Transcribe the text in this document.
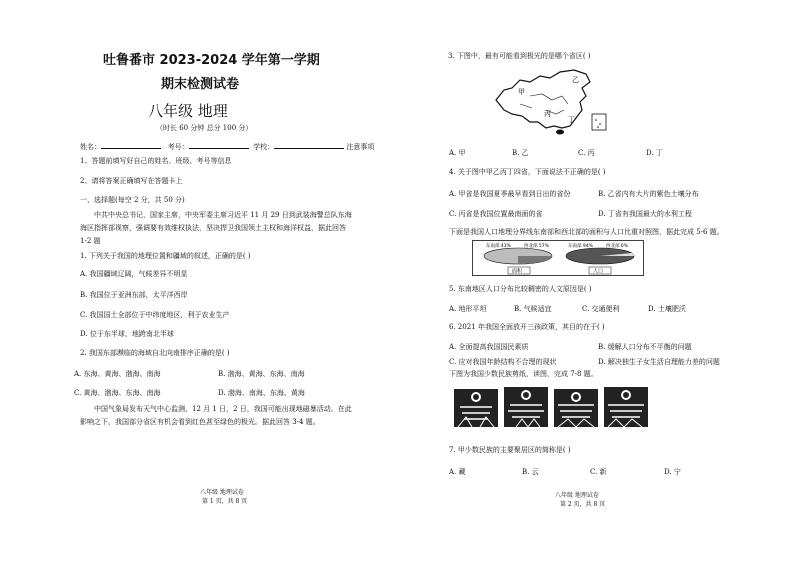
吐鲁番市 2023-2024 学年第一学期
期末检测试卷
八年级 地理
（时长 60 分钟 总分 100 分）
姓名：	考号：	学校：	注意事项
1、答题前填写好自己的姓名、班级、考号等信息
2、请将答案正确填写在答题卡上
一、选择题(每空 2 分，共 50 分)
中共中央总书记，国家主席，中央军委主席习近平 11 月 29 日到武装海警总队东海
海区指挥部视察，强调要有效维权执法，坚决捍卫我国领土主权和海洋权益，据此回答
1-2 题
1. 下列关于我国的地理位置和疆域的叙述，正确的是( )
A. 我国疆域辽阔，气候差异不明显
B. 我国位于亚洲东部，太平洋西岸
C. 我国国土全部位于中纬度地区，利于农业生产
D. 位于东半球，地跨南北半球
2. 我国东部濒临的海域自北向南排序正确的是( )
A. 东海、黄海、渤海、南海	B. 渤海、黄海、东海、南海
C. 黄海、渤海、东海、南海	D. 渤海、南海、东海、黄海
中国气象局发布天气中心监测，12 月 1 日，2 日，我国可能出现地磁暴活动。在此
影响之下，我国部分省区有机会看到红色甚至绿色的极光。据此回答 3-4 题。
八年级 地理试卷
第 1 页，共 8 页
3. 下图中，最有可能看到极光的是哪个省区( )
甲
乙
丙
丁
A. 甲	B. 乙	C. 丙	D. 丁
4. 关于图中甲乙丙丁四省，下面说法不正确的是( )
A. 甲省是我国夏季最早看到日出的省份	B. 乙省内有大片的紫色土壤分布
C. 丙省是我国位置最南面的省	D. 丁省有我国最大的水利工程
下面是我国人口地理分界线东南部和西北部的面积与人口比重对照图，据此完成 5-6 题。
东南部 43%	西北部 57%	东南部 94%	西北部 6%
面积	人口
5. 东南地区人口分布比较稠密的人文原因是( )
A. 地形平坦	B. 气候适宜	C. 交通便利	D. 土壤肥沃
6. 2021 年我国全面放开三孩政策，其目的在于( )
A. 全面提高我国国民素质	B. 缓解人口分布不平衡的问题
C. 应对我国年龄结构不合理的现状	D. 解决独生子女生活自理能力差的问题
下图为我国少数民族剪纸，读图，完成 7-8 题。
7. 甲少数民族的主要聚居区的简称是( )
A. 藏	B. 云	C. 新	D. 宁
八年级 地理试卷
第 2 页，共 8 页
